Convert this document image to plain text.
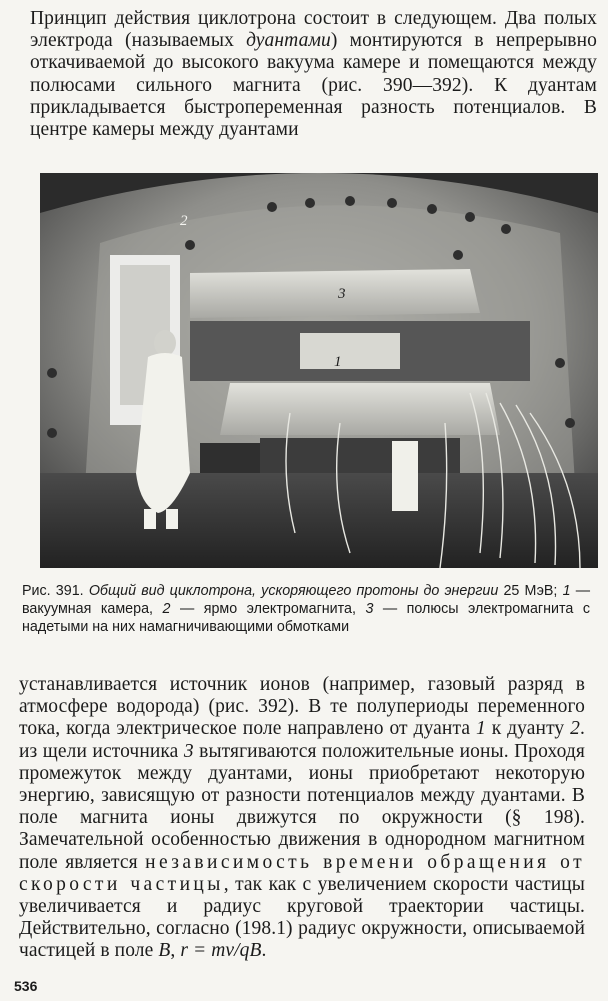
Принцип действия циклотрона состоит в следующем. Два полых электрода (называемых дуантами) монтируются в непрерывно откачиваемой до высокого вакуума камере и помещаются между полюсами сильного магнита (рис. 390—392). К дуантам прикладывается быстропеременная разность потенциалов. В центре камеры между дуантами

2
3
1
Рис. 391. Общий вид циклотрона, ускоряющего протоны до энергии 25 МэВ; 1 — вакуумная камера, 2 — ярмо электромагнита, 3 — полюсы электромагнита с надетыми на них намагничивающими обмотками

устанавливается источник ионов (например, газовый разряд в атмосфере водорода) (рис. 392). В те полупериоды переменного тока, когда электрическое поле направлено от дуанта 1 к дуанту 2. из щели источника 3 вытягиваются положительные ионы. Проходя промежуток между дуантами, ионы приобретают некоторую энергию, зависящую от разности потенциалов между дуантами. В поле магнита ионы движутся по окружности (§ 198). Замечательной особенностью движения в однородном магнитном поле является независимость времени обращения от скорости частицы, так как с увеличением скорости частицы увеличивается и радиус круговой траектории частицы. Действительно, согласно (198.1) радиус окружности, описываемой частицей в поле B, r = mv/qB.

536
